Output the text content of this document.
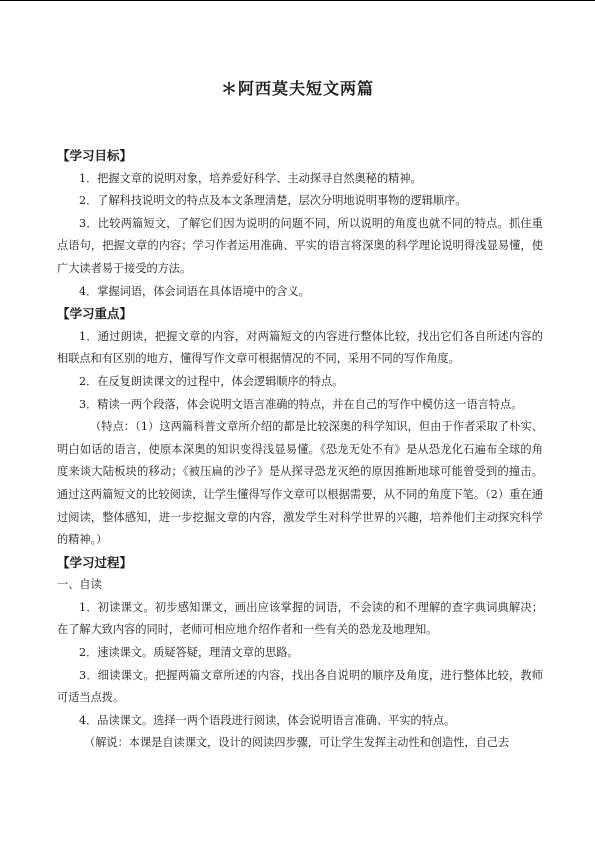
＊阿西莫夫短文两篇

【学习目标】

1．把握文章的说明对象，培养爱好科学、主动探寻自然奥秘的精神。

2．了解科技说明文的特点及本文条理清楚，层次分明地说明事物的逻辑顺序。

3．比较两篇短文，了解它们因为说明的问题不同，所以说明的角度也就不同的特点。抓住重点语句，把握文章的内容；学习作者运用准确、平实的语言将深奥的科学理论说明得浅显易懂，使广大读者易于接受的方法。

4．掌握词语，体会词语在具体语境中的含义。

【学习重点】

1．通过朗读，把握文章的内容，对两篇短文的内容进行整体比较，找出它们各自所述内容的相联点和有区别的地方，懂得写作文章可根据情况的不同，采用不同的写作角度。

2．在反复朗读课文的过程中，体会逻辑顺序的特点。

3．精读一两个段落，体会说明文语言准确的特点，并在自己的写作中模仿这一语言特点。

（特点：（1）这两篇科普文章所介绍的都是比较深奥的科学知识，但由于作者采取了朴实、明白如话的语言，使原本深奥的知识变得浅显易懂。《恐龙无处不有》是从恐龙化石遍布全球的角度来谈大陆板块的移动；《被压扁的沙子》是从探寻恐龙灭绝的原因推断地球可能曾受到的撞击。通过这两篇短文的比较阅读，让学生懂得写作文章可以根据需要，从不同的角度下笔。（2）重在通过阅读，整体感知，进一步挖掘文章的内容，激发学生对科学世界的兴趣，培养他们主动探究科学的精神。）

【学习过程】

一、自读

1．初读课文。初步感知课文，画出应该掌握的词语，不会读的和不理解的查字典词典解决；在了解大致内容的同时，老师可相应地介绍作者和一些有关的恐龙及地理知。

2．速读课文。质疑答疑，理清文章的思路。

3．细读课文。把握两篇文章所述的内容，找出各自说明的顺序及角度，进行整体比较，教师可适当点拨。

4．品读课文。选择一两个语段进行阅读，体会说明语言准确、平实的特点。

（解说：本课是自读课文，设计的阅读四步骤，可让学生发挥主动性和创造性，自己去
